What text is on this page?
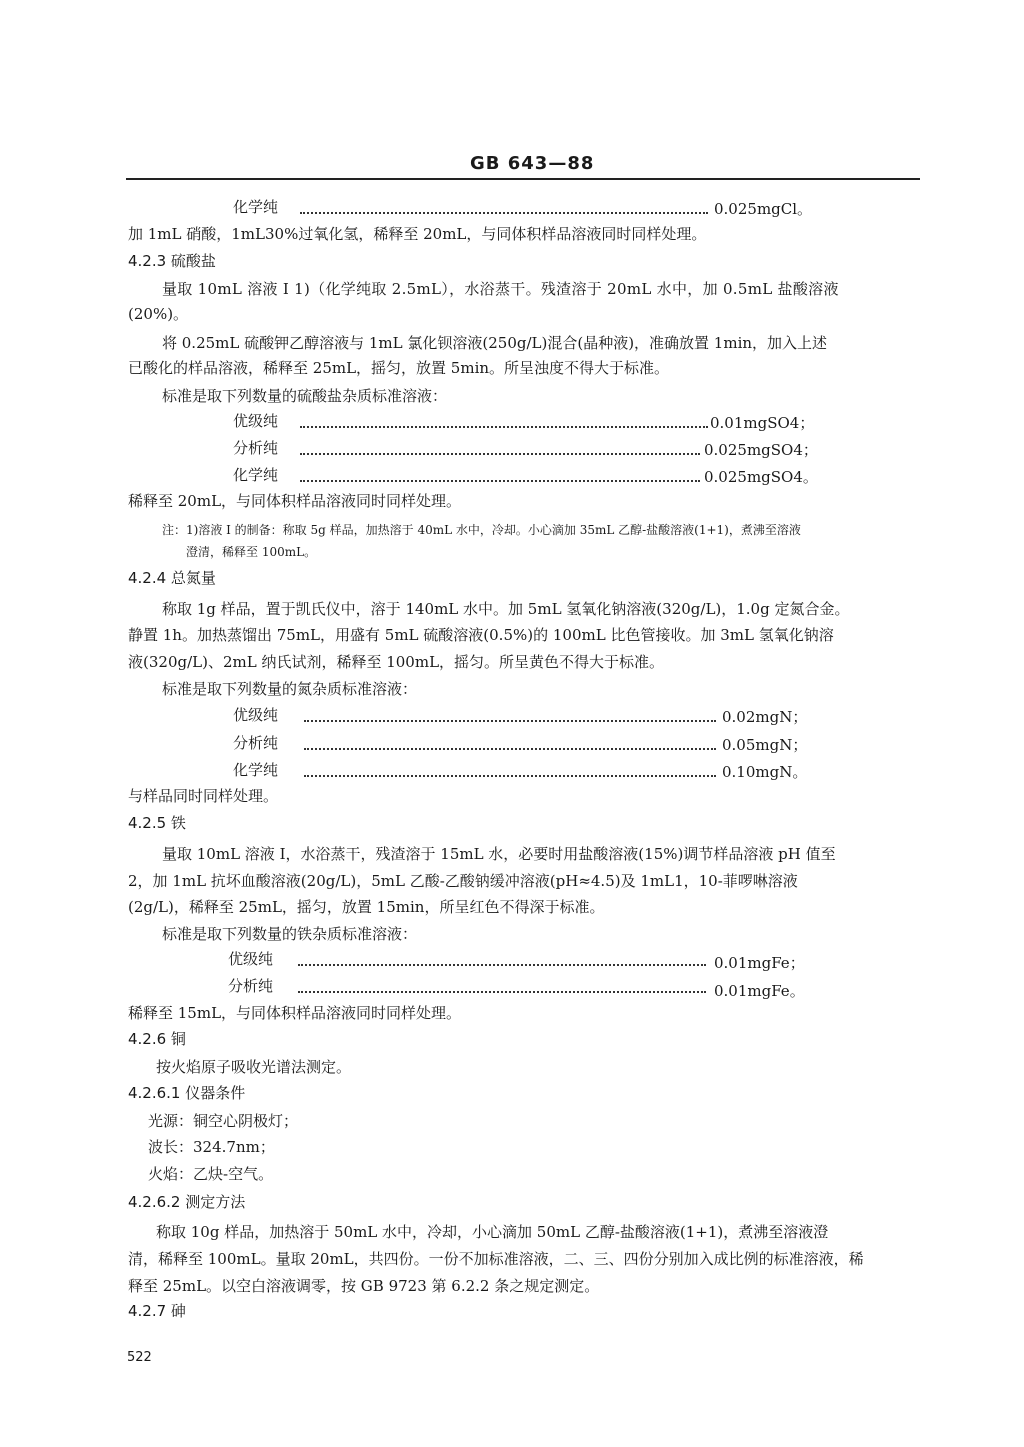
GB 643—88
化学纯	0.025mgCl。
加 1mL 硝酸，1mL30%过氧化氢，稀释至 20mL，与同体积样品溶液同时同样处理。
4.2.3 硫酸盐
量取 10mL 溶液 I 1)（化学纯取 2.5mL），水浴蒸干。残渣溶于 20mL 水中，加 0.5mL 盐酸溶液
(20%)。
将 0.25mL 硫酸钾乙醇溶液与 1mL 氯化钡溶液(250g/L)混合(晶种液)，准确放置 1min，加入上述
已酸化的样品溶液，稀释至 25mL，摇匀，放置 5min。所呈浊度不得大于标准。
标准是取下列数量的硫酸盐杂质标准溶液：
优级纯	0.01mgSO4；
分析纯	0.025mgSO4；
化学纯	0.025mgSO4。
稀释至 20mL，与同体积样品溶液同时同样处理。
注：1)溶液 I 的制备：称取 5g 样品，加热溶于 40mL 水中，冷却。小心滴加 35mL 乙醇-盐酸溶液(1+1)，煮沸至溶液
澄清，稀释至 100mL。
4.2.4 总氮量
称取 1g 样品，置于凯氏仪中，溶于 140mL 水中。加 5mL 氢氧化钠溶液(320g/L)，1.0g 定氮合金。
静置 1h。加热蒸馏出 75mL，用盛有 5mL 硫酸溶液(0.5%)的 100mL 比色管接收。加 3mL 氢氧化钠溶
液(320g/L)、2mL 纳氏试剂，稀释至 100mL，摇匀。所呈黄色不得大于标准。
标准是取下列数量的氮杂质标准溶液：
优级纯	0.02mgN；
分析纯	0.05mgN；
化学纯	0.10mgN。
与样品同时同样处理。
4.2.5 铁
量取 10mL 溶液 I，水浴蒸干，残渣溶于 15mL 水，必要时用盐酸溶液(15%)调节样品溶液 pH 值至
2，加 1mL 抗坏血酸溶液(20g/L)，5mL 乙酸-乙酸钠缓冲溶液(pH≈4.5)及 1mL1，10-菲啰啉溶液
(2g/L)，稀释至 25mL，摇匀，放置 15min，所呈红色不得深于标准。
标准是取下列数量的铁杂质标准溶液：
优级纯	0.01mgFe；
分析纯	0.01mgFe。
稀释至 15mL，与同体积样品溶液同时同样处理。
4.2.6 铜
按火焰原子吸收光谱法测定。
4.2.6.1 仪器条件
光源：铜空心阴极灯；
波长：324.7nm；
火焰：乙炔-空气。
4.2.6.2 测定方法
称取 10g 样品，加热溶于 50mL 水中，冷却，小心滴加 50mL 乙醇-盐酸溶液(1+1)，煮沸至溶液澄
清，稀释至 100mL。量取 20mL，共四份。一份不加标准溶液，二、三、四份分别加入成比例的标准溶液，稀
释至 25mL。以空白溶液调零，按 GB 9723 第 6.2.2 条之规定测定。
4.2.7 砷
522
